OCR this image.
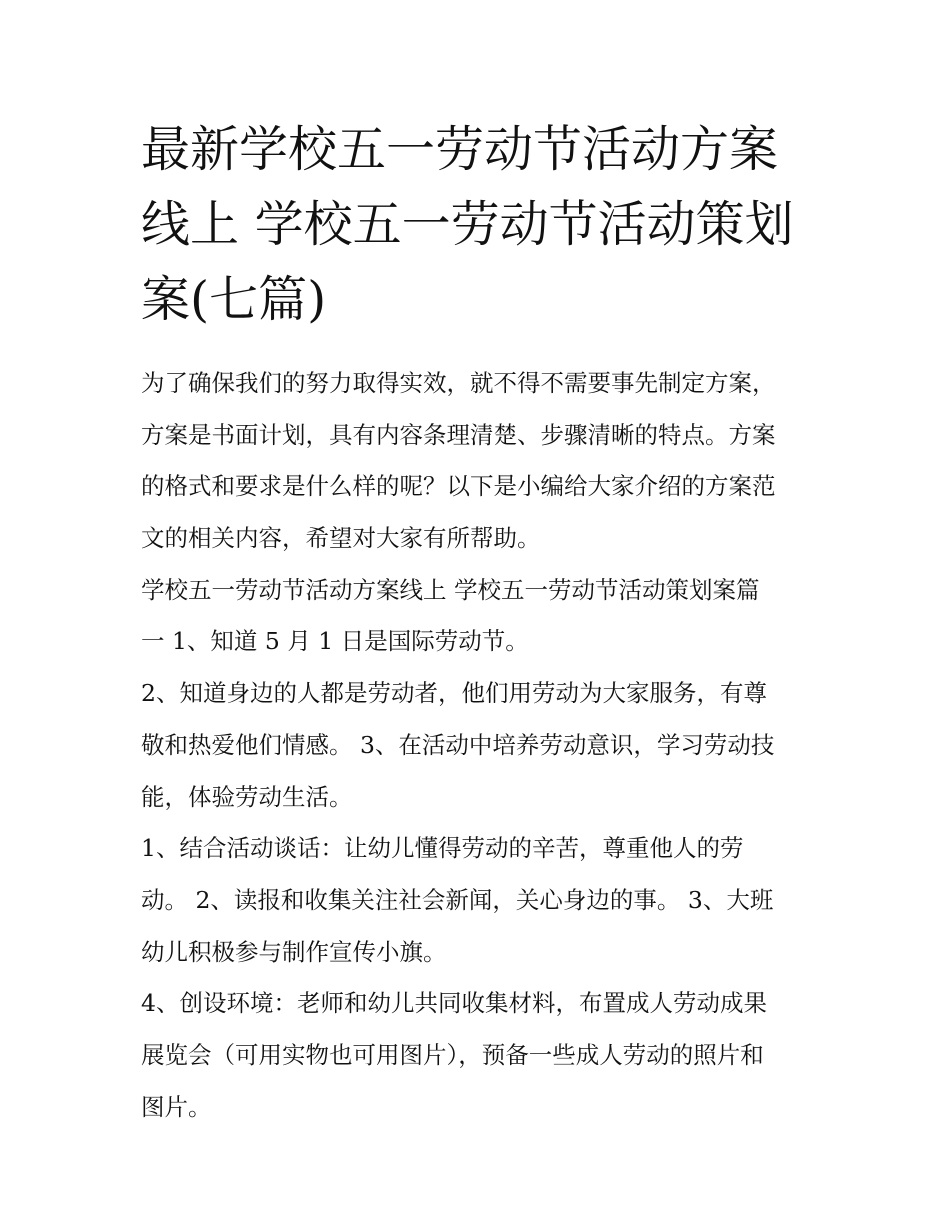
最新学校五一劳动节活动方案
线上 学校五一劳动节活动策划
案(七篇)
为了确保我们的努力取得实效，就不得不需要事先制定方案，
方案是书面计划，具有内容条理清楚、步骤清晰的特点。方案
的格式和要求是什么样的呢？以下是小编给大家介绍的方案范
文的相关内容，希望对大家有所帮助。
学校五一劳动节活动方案线上 学校五一劳动节活动策划案篇
一 1、知道 5 月 1 日是国际劳动节。
2、知道身边的人都是劳动者，他们用劳动为大家服务，有尊
敬和热爱他们情感。 3、在活动中培养劳动意识，学习劳动技
能，体验劳动生活。
1、结合活动谈话：让幼儿懂得劳动的辛苦，尊重他人的劳
动。 2、读报和收集关注社会新闻，关心身边的事。 3、大班
幼儿积极参与制作宣传小旗。
4、创设环境：老师和幼儿共同收集材料，布置成人劳动成果
展览会（可用实物也可用图片），预备一些成人劳动的照片和
图片。
